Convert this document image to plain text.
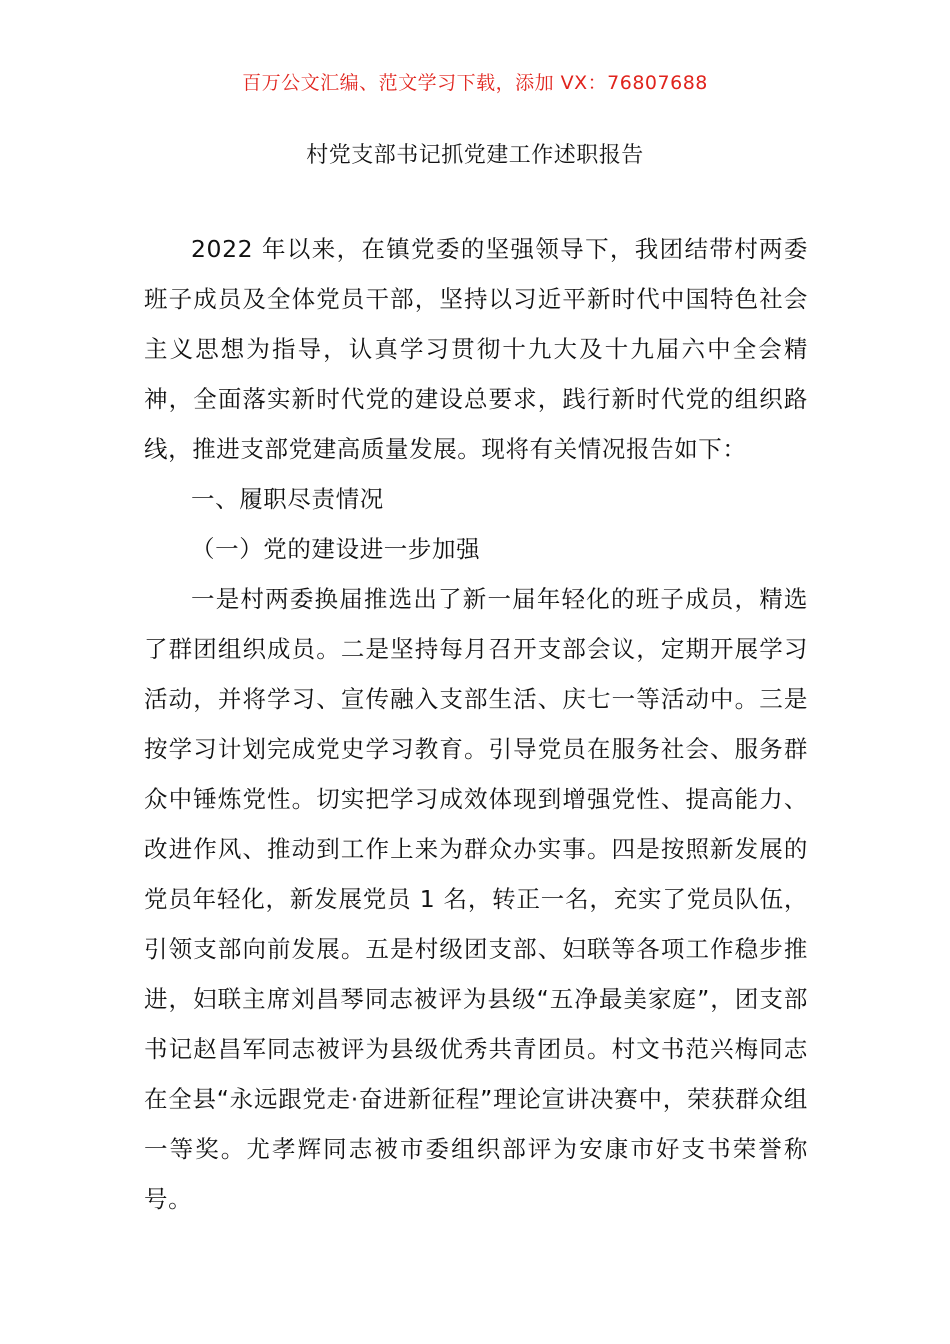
百万公文汇编、范文学习下载，添加 VX：76807688
村党支部书记抓党建工作述职报告

2022 年以来，在镇党委的坚强领导下，我团结带村两委班子成员及全体党员干部，坚持以习近平新时代中国特色社会主义思想为指导，认真学习贯彻十九大及十九届六中全会精神，全面落实新时代党的建设总要求，践行新时代党的组织路线，推进支部党建高质量发展。现将有关情况报告如下：

一、履职尽责情况

（一）党的建设进一步加强

一是村两委换届推选出了新一届年轻化的班子成员，精选了群团组织成员。二是坚持每月召开支部会议，定期开展学习活动，并将学习、宣传融入支部生活、庆七一等活动中。三是按学习计划完成党史学习教育。引导党员在服务社会、服务群众中锤炼党性。切实把学习成效体现到增强党性、提高能力、改进作风、推动到工作上来为群众办实事。四是按照新发展的党员年轻化，新发展党员 1 名，转正一名，充实了党员队伍，引领支部向前发展。五是村级团支部、妇联等各项工作稳步推进，妇联主席刘昌琴同志被评为县级“五净最美家庭”，团支部书记赵昌军同志被评为县级优秀共青团员。村文书范兴梅同志在全县“永远跟党走·奋进新征程”理论宣讲决赛中，荣获群众组一等奖。尤孝辉同志被市委组织部评为安康市好支书荣誉称号。
